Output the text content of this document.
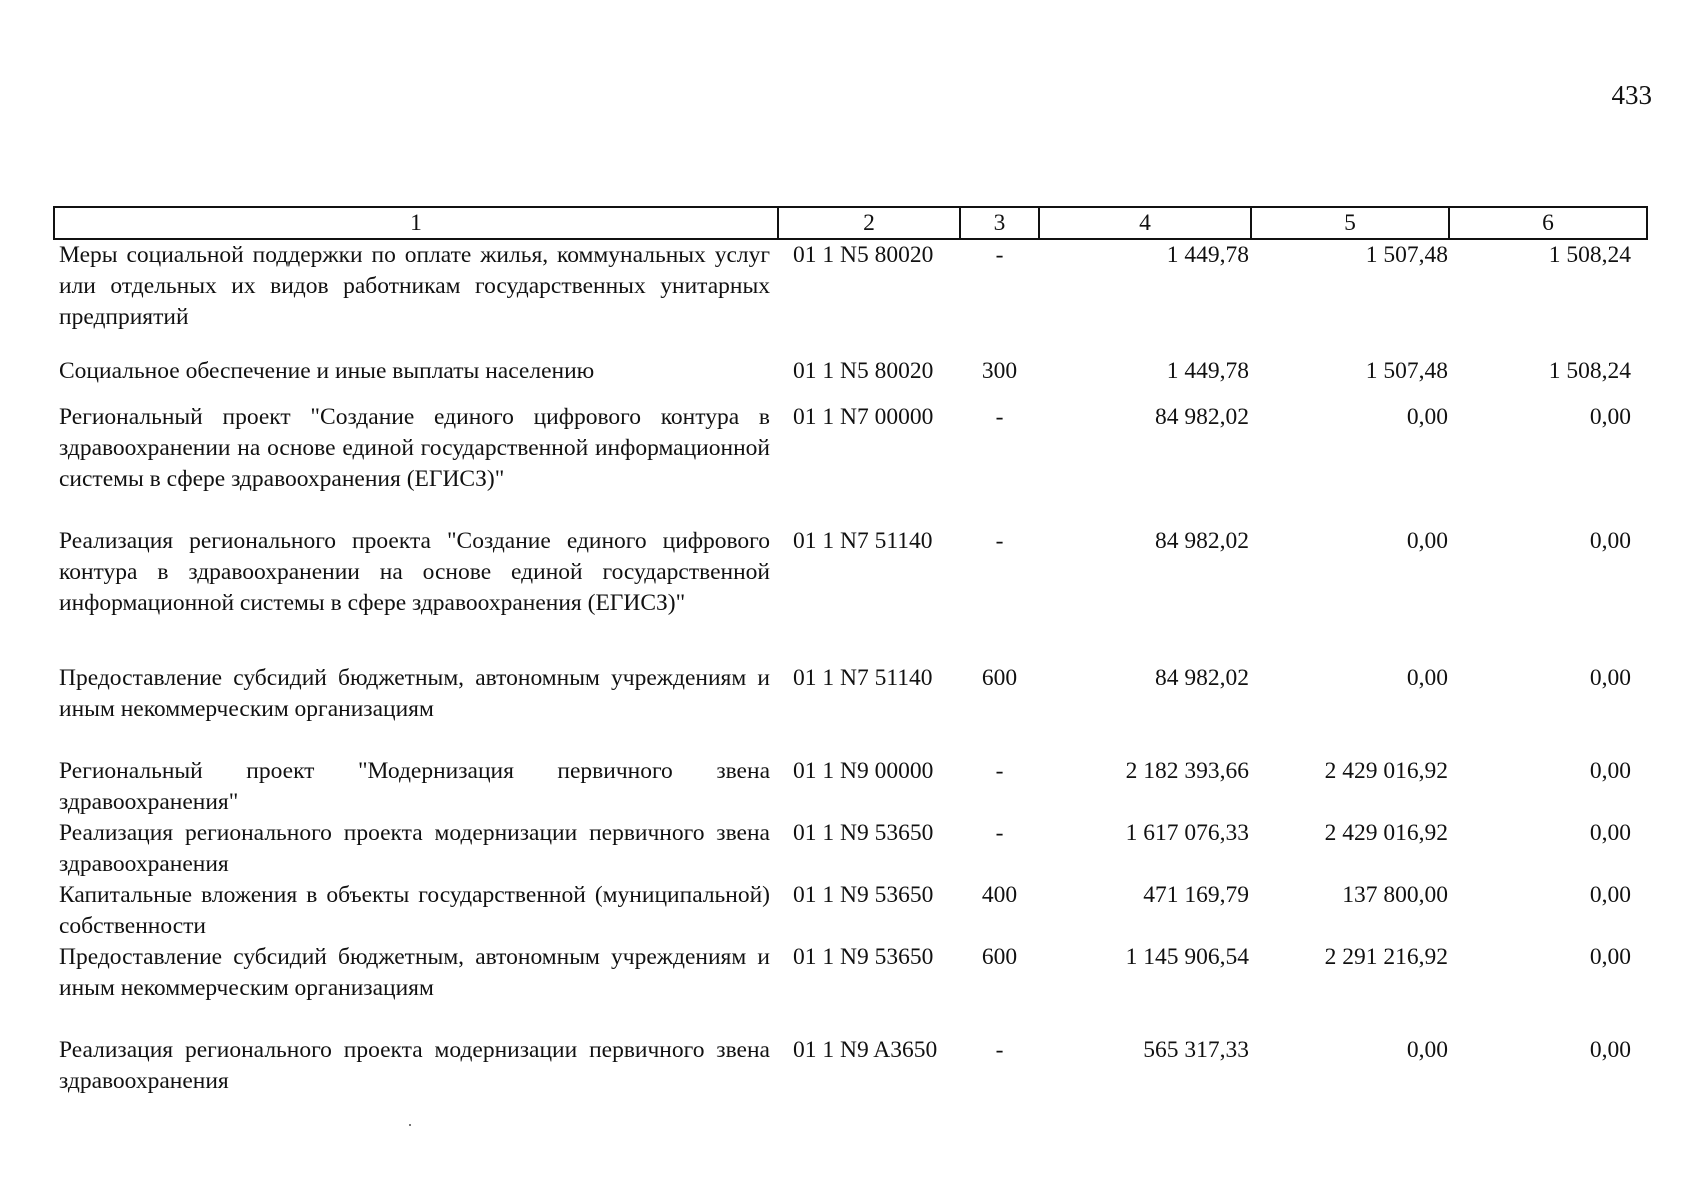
433
1	2	3	4	5	6
Меры социальной поддержки по оплате жилья, коммунальных услуг или отдельных их видов работникам государственных унитарных предприятий	01 1 N5 80020	-	1 449,78	1 507,48	1 508,24
Социальное обеспечение и иные выплаты населению	01 1 N5 80020	300	1 449,78	1 507,48	1 508,24
Региональный проект "Создание единого цифрового контура в здравоохранении на основе единой государственной информационной системы в сфере здравоохранения (ЕГИСЗ)"	01 1 N7 00000	-	84 982,02	0,00	0,00
Реализация регионального проекта "Создание единого цифрового контура в здравоохранении на основе единой государственной информационной системы в сфере здравоохранения (ЕГИСЗ)"	01 1 N7 51140	-	84 982,02	0,00	0,00
Предоставление субсидий бюджетным, автономным учреждениям и иным некоммерческим организациям	01 1 N7 51140	600	84 982,02	0,00	0,00
Региональный проект "Модернизация первичного звена здравоохранения"	01 1 N9 00000	-	2 182 393,66	2 429 016,92	0,00
Реализация регионального проекта модернизации первичного звена здравоохранения	01 1 N9 53650	-	1 617 076,33	2 429 016,92	0,00
Капитальные вложения в объекты государственной (муниципальной) собственности	01 1 N9 53650	400	471 169,79	137 800,00	0,00
Предоставление субсидий бюджетным, автономным учреждениям и иным некоммерческим организациям	01 1 N9 53650	600	1 145 906,54	2 291 216,92	0,00
Реализация регионального проекта модернизации первичного звена здравоохранения	01 1 N9 A3650	-	565 317,33	0,00	0,00
